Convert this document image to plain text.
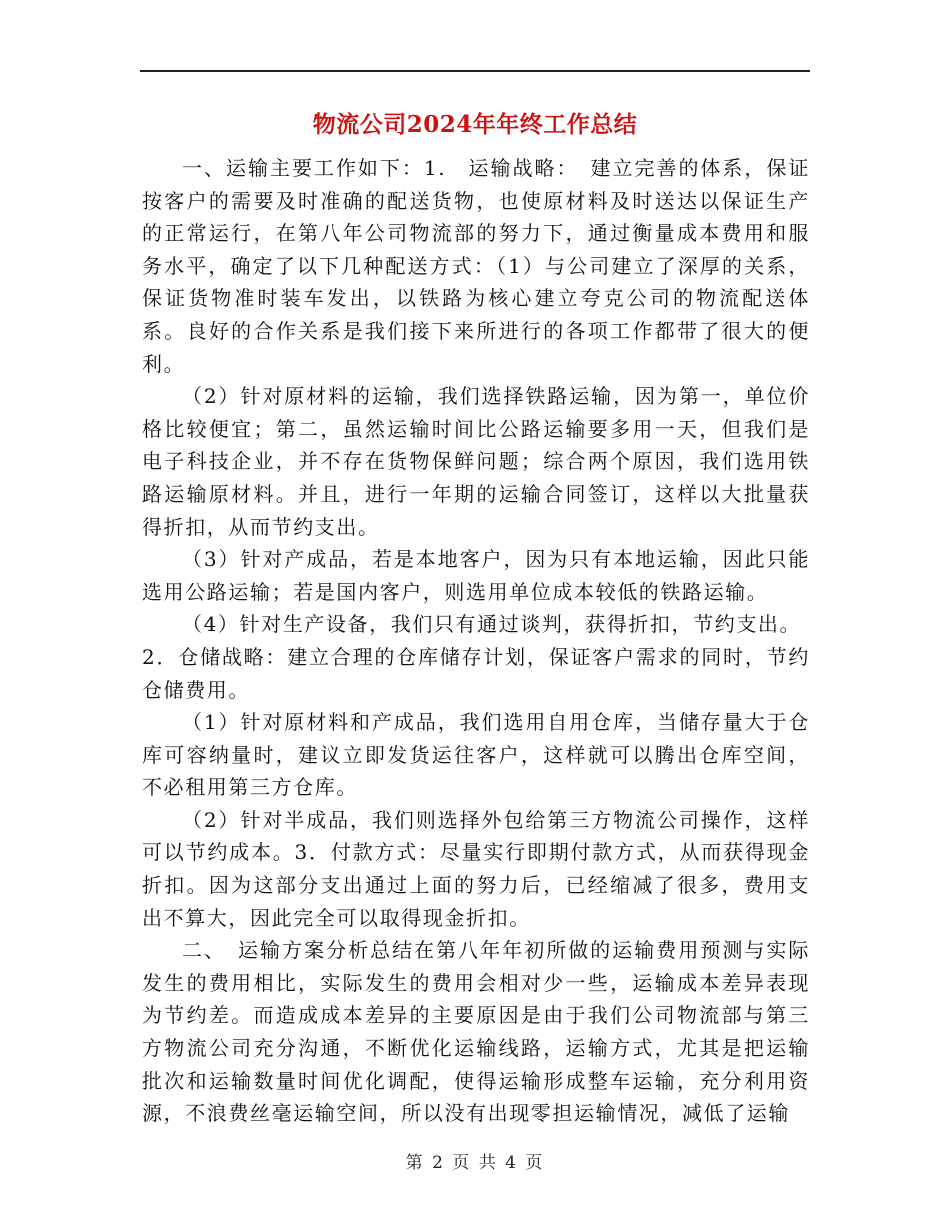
物流公司2024年年终工作总结

一、运输主要工作如下：1.　运输战略：　建立完善的体系，保证按客户的需要及时准确的配送货物，也使原材料及时送达以保证生产的正常运行，在第八年公司物流部的努力下，通过衡量成本费用和服务水平，确定了以下几种配送方式：（1）与公司建立了深厚的关系，保证货物准时装车发出，以铁路为核心建立夸克公司的物流配送体系。良好的合作关系是我们接下来所进行的各项工作都带了很大的便利。

（2）针对原材料的运输，我们选择铁路运输，因为第一，单位价格比较便宜；第二，虽然运输时间比公路运输要多用一天，但我们是电子科技企业，并不存在货物保鲜问题；综合两个原因，我们选用铁路运输原材料。并且，进行一年期的运输合同签订，这样以大批量获得折扣，从而节约支出。

（3）针对产成品，若是本地客户，因为只有本地运输，因此只能选用公路运输；若是国内客户，则选用单位成本较低的铁路运输。

（4）针对生产设备，我们只有通过谈判，获得折扣，节约支出。

2．仓储战略：建立合理的仓库储存计划，保证客户需求的同时，节约仓储费用。

（1）针对原材料和产成品，我们选用自用仓库，当储存量大于仓库可容纳量时，建议立即发货运往客户，这样就可以腾出仓库空间，不必租用第三方仓库。

（2）针对半成品，我们则选择外包给第三方物流公司操作，这样可以节约成本。3．付款方式：尽量实行即期付款方式，从而获得现金折扣。因为这部分支出通过上面的努力后，已经缩减了很多，费用支出不算大，因此完全可以取得现金折扣。

二、　运输方案分析总结在第八年年初所做的运输费用预测与实际发生的费用相比，实际发生的费用会相对少一些，运输成本差异表现为节约差。而造成成本差异的主要原因是由于我们公司物流部与第三方物流公司充分沟通，不断优化运输线路，运输方式，尤其是把运输批次和运输数量时间优化调配，使得运输形成整车运输，充分利用资源，不浪费丝毫运输空间，所以没有出现零担运输情况，减低了运输

第 2 页 共 4 页
